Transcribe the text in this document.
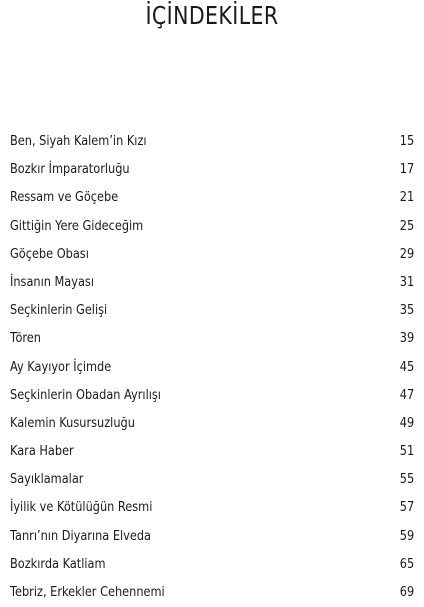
İÇİNDEKİLER
Ben, Siyah Kalem’in Kızı	15
Bozkır İmparatorluğu	17
Ressam ve Göçebe	21
Gittiğin Yere Gideceğim	25
Göçebe Obası	29
İnsanın Mayası	31
Seçkinlerin Gelişi	35
Tören	39
Ay Kayıyor İçimde	45
Seçkinlerin Obadan Ayrılışı	47
Kalemin Kusursuzluğu	49
Kara Haber	51
Sayıklamalar	55
İyilik ve Kötülüğün Resmi	57
Tanrı’nın Diyarına Elveda	59
Bozkırda Katliam	65
Tebriz, Erkekler Cehennemi	69
